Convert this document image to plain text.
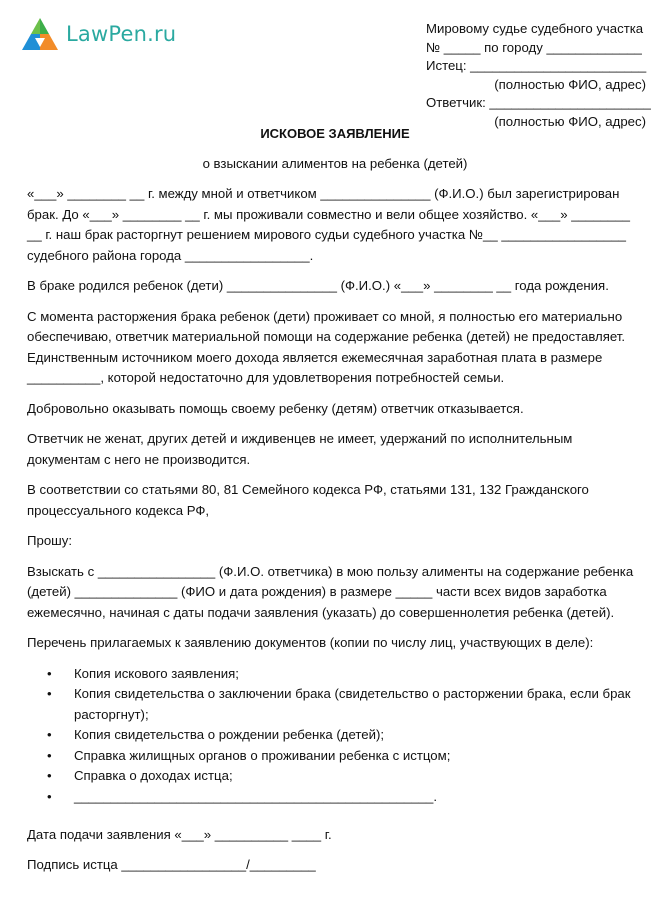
LawPen.ru	Мировому судье судебного участка
№ _____ по городу _____________
Истец: ________________________
(полностью ФИО, адрес)
Ответчик: ______________________
(полностью ФИО, адрес)
ИСКОВОЕ ЗАЯВЛЕНИЕ
о взыскании алиментов на ребенка (детей)

«___» ________ __ г. между мной и ответчиком _______________ (Ф.И.О.) был зарегистрирован брак. До «___» ________ __ г. мы проживали совместно и вели общее хозяйство. «___» ________ __ г. наш брак расторгнут решением мирового судьи судебного участка №__ _________________ судебного района города _________________.

В браке родился ребенок (дети) _______________ (Ф.И.О.) «___» ________ __ года рождения.

С момента расторжения брака ребенок (дети) проживает со мной, я полностью его материально обеспечиваю, ответчик материальной помощи на содержание ребенка (детей) не предоставляет. Единственным источником моего дохода является ежемесячная заработная плата в размере __________, которой недостаточно для удовлетворения потребностей семьи.

Добровольно оказывать помощь своему ребенку (детям) ответчик отказывается.

Ответчик не женат, других детей и иждивенцев не имеет, удержаний по исполнительным документам с него не производится.

В соответствии со статьями 80, 81 Семейного кодекса РФ, статьями 131, 132 Гражданского процессуального кодекса РФ,

Прошу:

Взыскать с ________________ (Ф.И.О. ответчика) в мою пользу алименты на содержание ребенка (детей) ______________ (ФИО и дата рождения) в размере _____ части всех видов заработка ежемесячно, начиная с даты подачи заявления (указать) до совершеннолетия ребенка (детей).

Перечень прилагаемых к заявлению документов (копии по числу лиц, участвующих в деле):

• Копия искового заявления;
• Копия свидетельства о заключении брака (свидетельство о расторжении брака, если брак расторгнут);
• Копия свидетельства о рождении ребенка (детей);
• Справка жилищных органов о проживании ребенка с истцом;
• Справка о доходах истца;
• _________________________________________________.
Дата подачи заявления «___» __________ ____ г.
Подпись истца _________________/_________
